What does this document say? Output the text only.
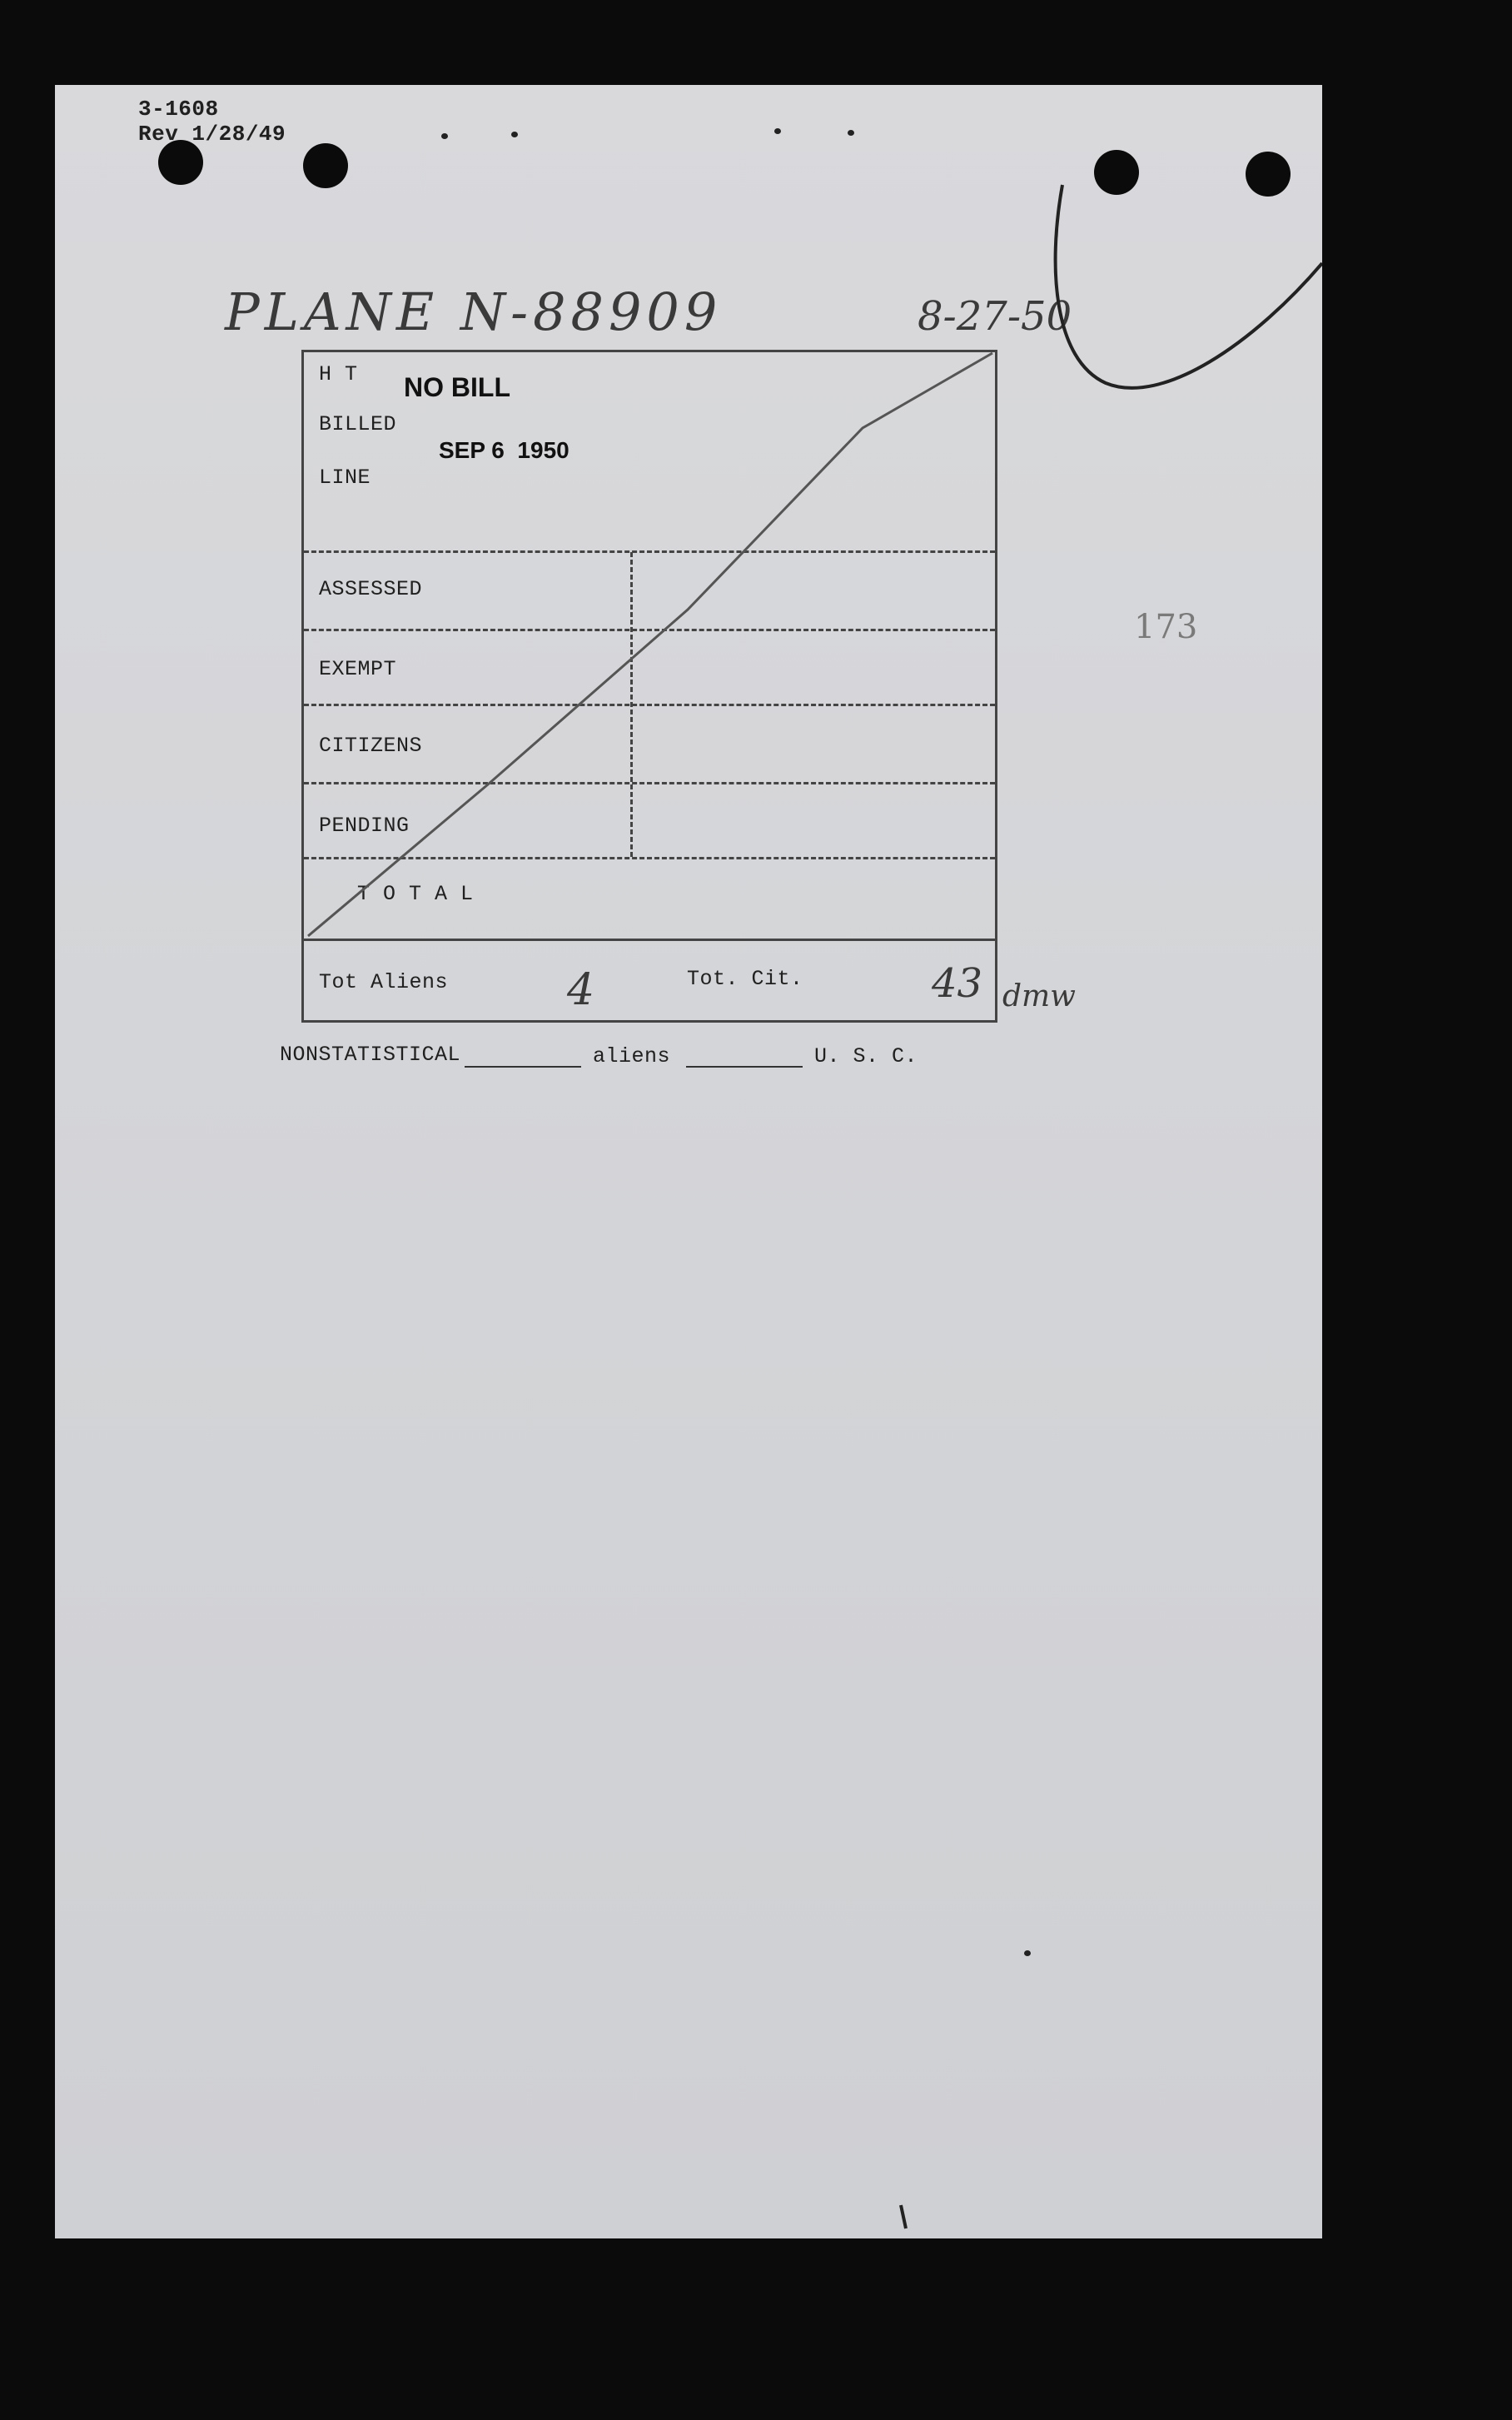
3-1608
Rev 1/28/49
PLANE N-88909	8-27-50
173
H T
BILLED
LINE
NO BILL
SEP 6  1950
ASSESSED
EXEMPT
CITIZENS
PENDING
T O T A L
Tot Aliens	4	Tot. Cit.	43 dmw
NONSTATISTICAL	aliens	U. S. C.
